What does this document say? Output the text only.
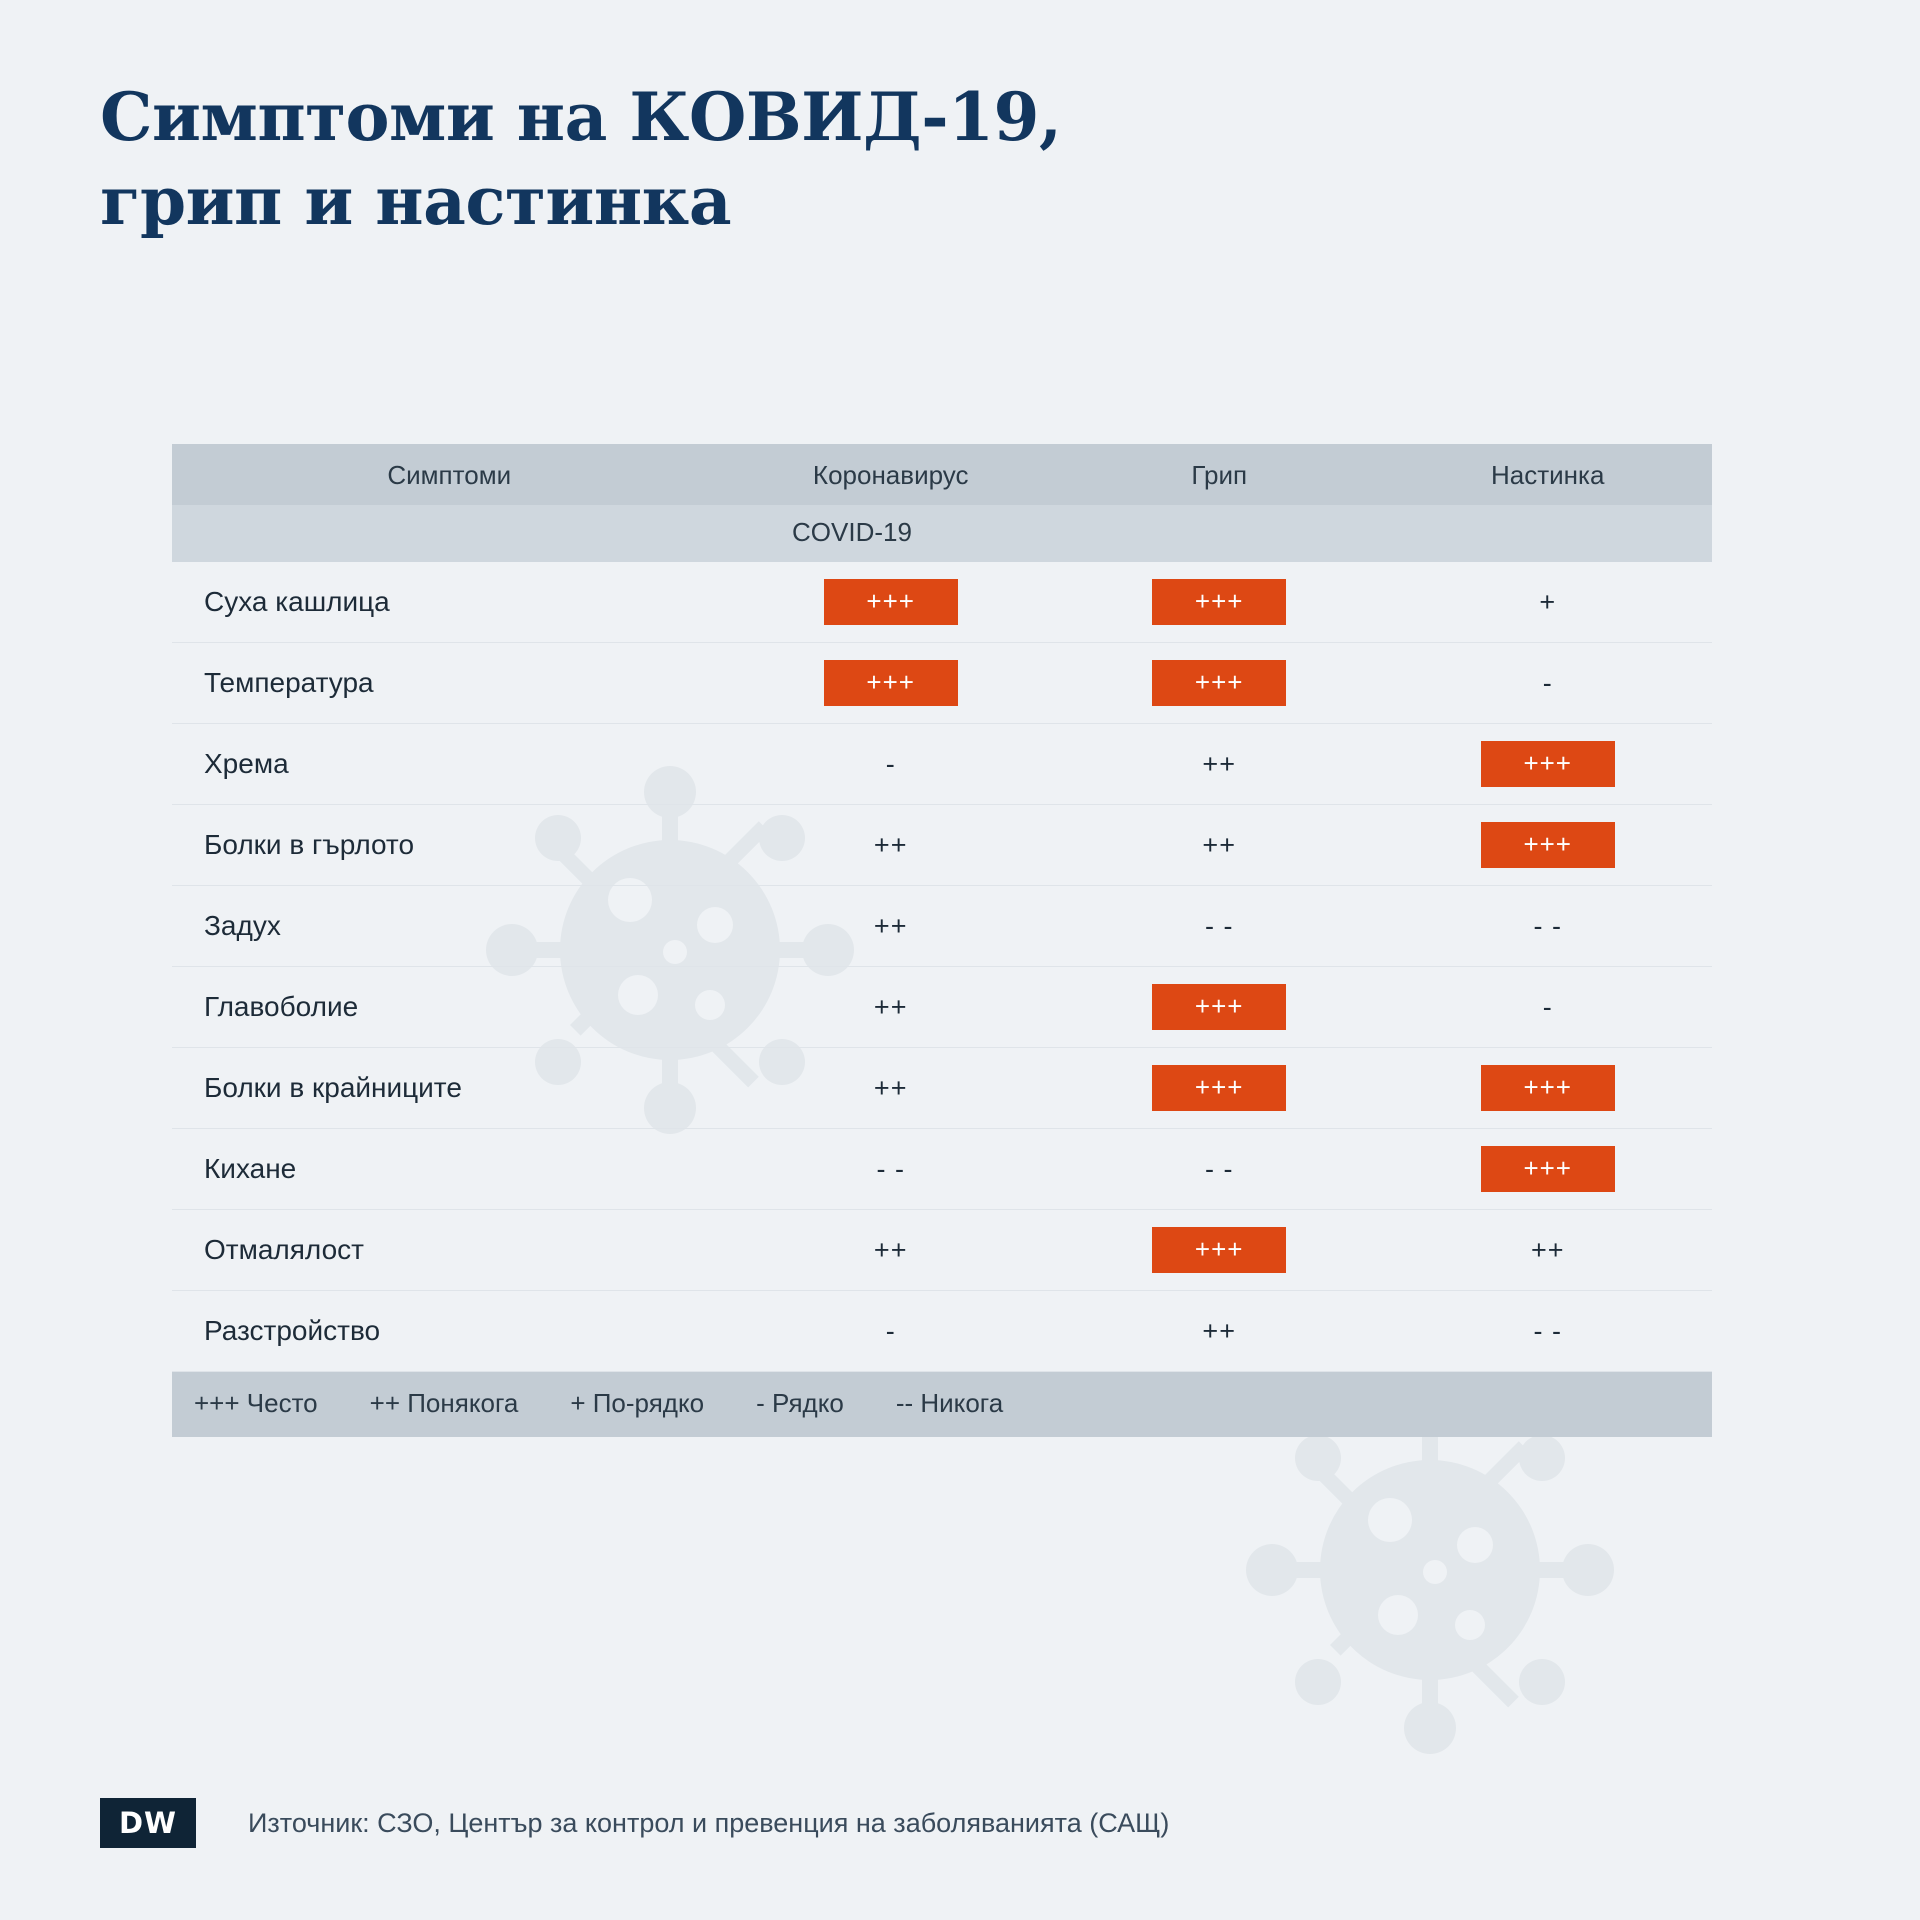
Симптоми на КОВИД-19,
грип и настинка
Симптоми	Коронавирус	Грип	Настинка
COVID-19			
Суха кашлица	+++	+++	+
Температура	+++	+++	-
Хрема	-	++	+++
Болки в гърлото	++	++	+++
Задух	++	- -	- -
Главоболие	++	+++	-
Болки в крайниците	++	+++	+++
Кихане	- -	- -	+++
Отмалялост	++	+++	++
Разстройство	-	++	- -

+++ Често ++ Понякога + По-рядко - Рядко -- Никога			
DW	Източник: СЗО, Център за контрол и превенция на заболяванията (САЩ)
